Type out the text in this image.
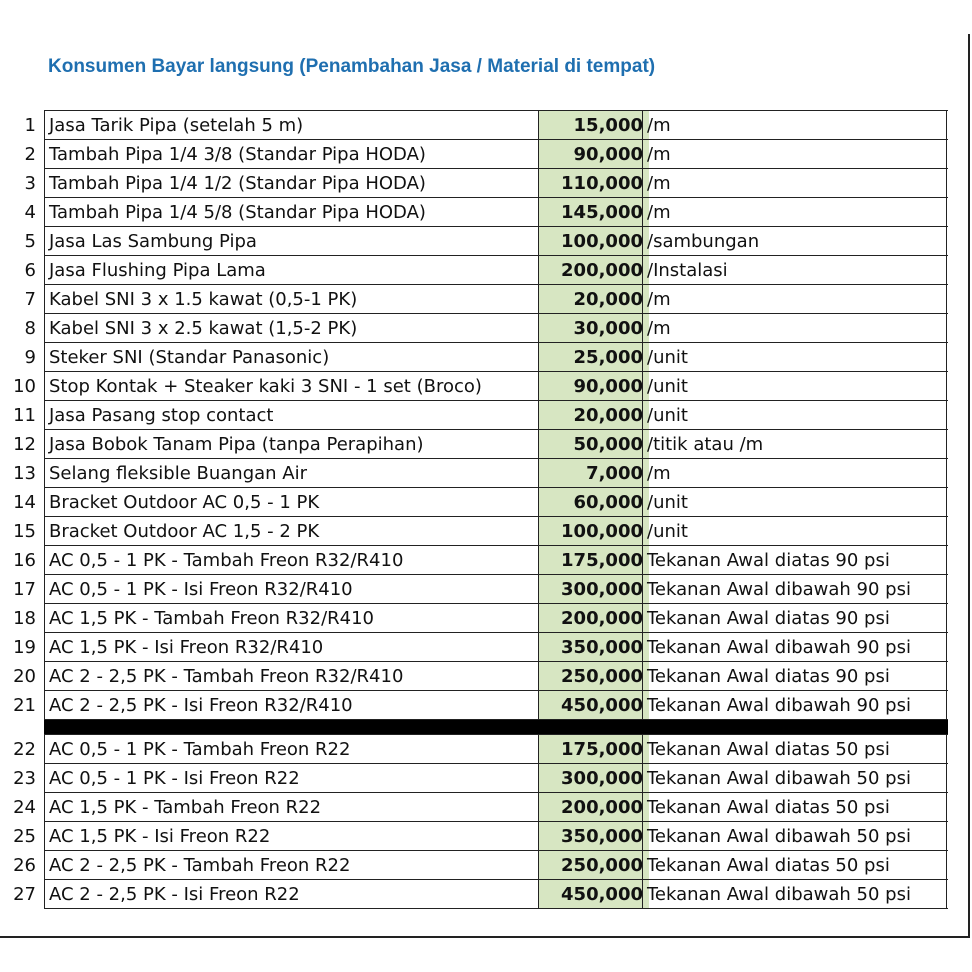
Konsumen Bayar langsung (Penambahan Jasa / Material di tempat)
1 Jasa Tarik Pipa (setelah 5 m)	15,000 /m
2 Tambah Pipa 1/4 3/8 (Standar Pipa HODA)	90,000 /m
3 Tambah Pipa 1/4 1/2 (Standar Pipa HODA)	110,000 /m
4 Tambah Pipa 1/4 5/8 (Standar Pipa HODA)	145,000 /m
5 Jasa Las Sambung Pipa	100,000 /sambungan
6 Jasa Flushing Pipa Lama	200,000 /Instalasi
7 Kabel SNI 3 x 1.5 kawat (0,5-1 PK)	20,000 /m
8 Kabel SNI 3 x 2.5 kawat (1,5-2 PK)	30,000 /m
9 Steker SNI (Standar Panasonic)	25,000 /unit
10 Stop Kontak + Steaker kaki 3 SNI - 1 set (Broco)	90,000 /unit
11 Jasa Pasang stop contact	20,000 /unit
12 Jasa Bobok Tanam Pipa (tanpa Perapihan)	50,000 /titik atau /m
13 Selang fleksible Buangan Air	7,000 /m
14 Bracket Outdoor AC 0,5 - 1 PK	60,000 /unit
15 Bracket Outdoor AC 1,5 - 2 PK	100,000 /unit
16 AC 0,5 - 1 PK - Tambah Freon R32/R410	175,000 Tekanan Awal diatas 90 psi
17 AC 0,5 - 1 PK - Isi Freon R32/R410	300,000 Tekanan Awal dibawah 90 psi
18 AC 1,5 PK - Tambah Freon R32/R410	200,000 Tekanan Awal diatas 90 psi
19 AC 1,5 PK - Isi Freon R32/R410	350,000 Tekanan Awal dibawah 90 psi
20 AC 2 - 2,5 PK - Tambah Freon R32/R410	250,000 Tekanan Awal diatas 90 psi
21 AC 2 - 2,5 PK - Isi Freon R32/R410	450,000 Tekanan Awal dibawah 90 psi
22 AC 0,5 - 1 PK - Tambah Freon R22	175,000 Tekanan Awal diatas 50 psi
23 AC 0,5 - 1 PK - Isi Freon R22	300,000 Tekanan Awal dibawah 50 psi
24 AC 1,5 PK - Tambah Freon R22	200,000 Tekanan Awal diatas 50 psi
25 AC 1,5 PK - Isi Freon R22	350,000 Tekanan Awal dibawah 50 psi
26 AC 2 - 2,5 PK - Tambah Freon R22	250,000 Tekanan Awal diatas 50 psi
27 AC 2 - 2,5 PK - Isi Freon R22	450,000 Tekanan Awal dibawah 50 psi
